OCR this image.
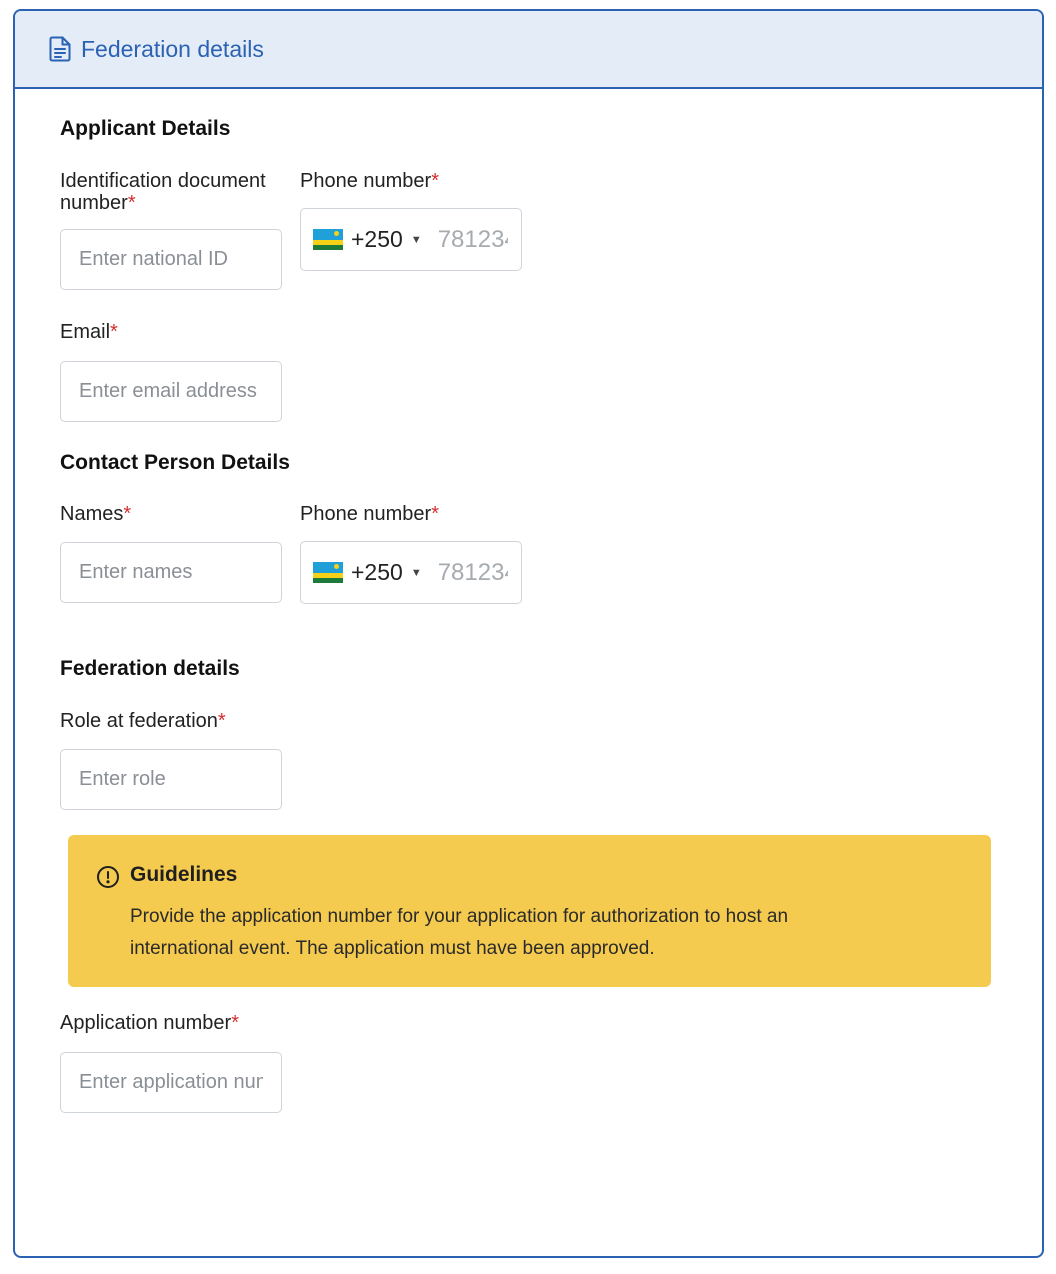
Federation details
Applicant Details
Identification document number*
Enter national ID
Phone number*
+250 ▼
781234567
Email*
Enter email address
Contact Person Details
Names*
Enter names	Phone number*
+250 ▼
781234567
Federation details
Role at federation*
Enter role
Guidelines
Provide the application number for your application for authorization to host an international event. The application must have been approved.
Application number*
Enter application number
